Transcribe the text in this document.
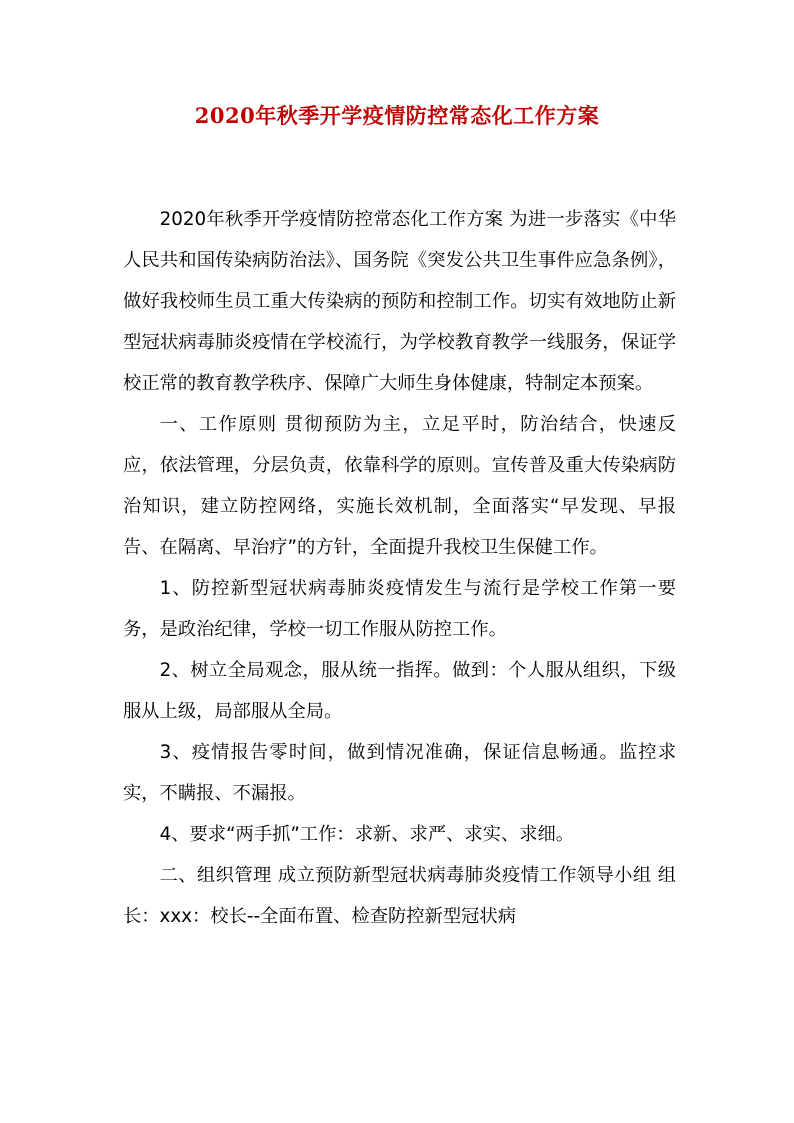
2020年秋季开学疫情防控常态化工作方案

2020年秋季开学疫情防控常态化工作方案 为进一步落实《中华人民共和国传染病防治法》、国务院《突发公共卫生事件应急条例》，做好我校师生员工重大传染病的预防和控制工作。切实有效地防止新型冠状病毒肺炎疫情在学校流行，为学校教育教学一线服务，保证学校正常的教育教学秩序、保障广大师生身体健康，特制定本预案。

一、工作原则 贯彻预防为主，立足平时，防治结合，快速反应，依法管理，分层负责，依靠科学的原则。宣传普及重大传染病防治知识，建立防控网络，实施长效机制，全面落实“早发现、早报告、在隔离、早治疗”的方针，全面提升我校卫生保健工作。

1、防控新型冠状病毒肺炎疫情发生与流行是学校工作第一要务，是政治纪律，学校一切工作服从防控工作。

2、树立全局观念，服从统一指挥。做到：个人服从组织，下级服从上级，局部服从全局。

3、疫情报告零时间，做到情况准确，保证信息畅通。监控求实，不瞒报、不漏报。

4、要求“两手抓”工作：求新、求严、求实、求细。

二、组织管理 成立预防新型冠状病毒肺炎疫情工作领导小组 组长：xxx：校长--全面布置、检查防控新型冠状病
